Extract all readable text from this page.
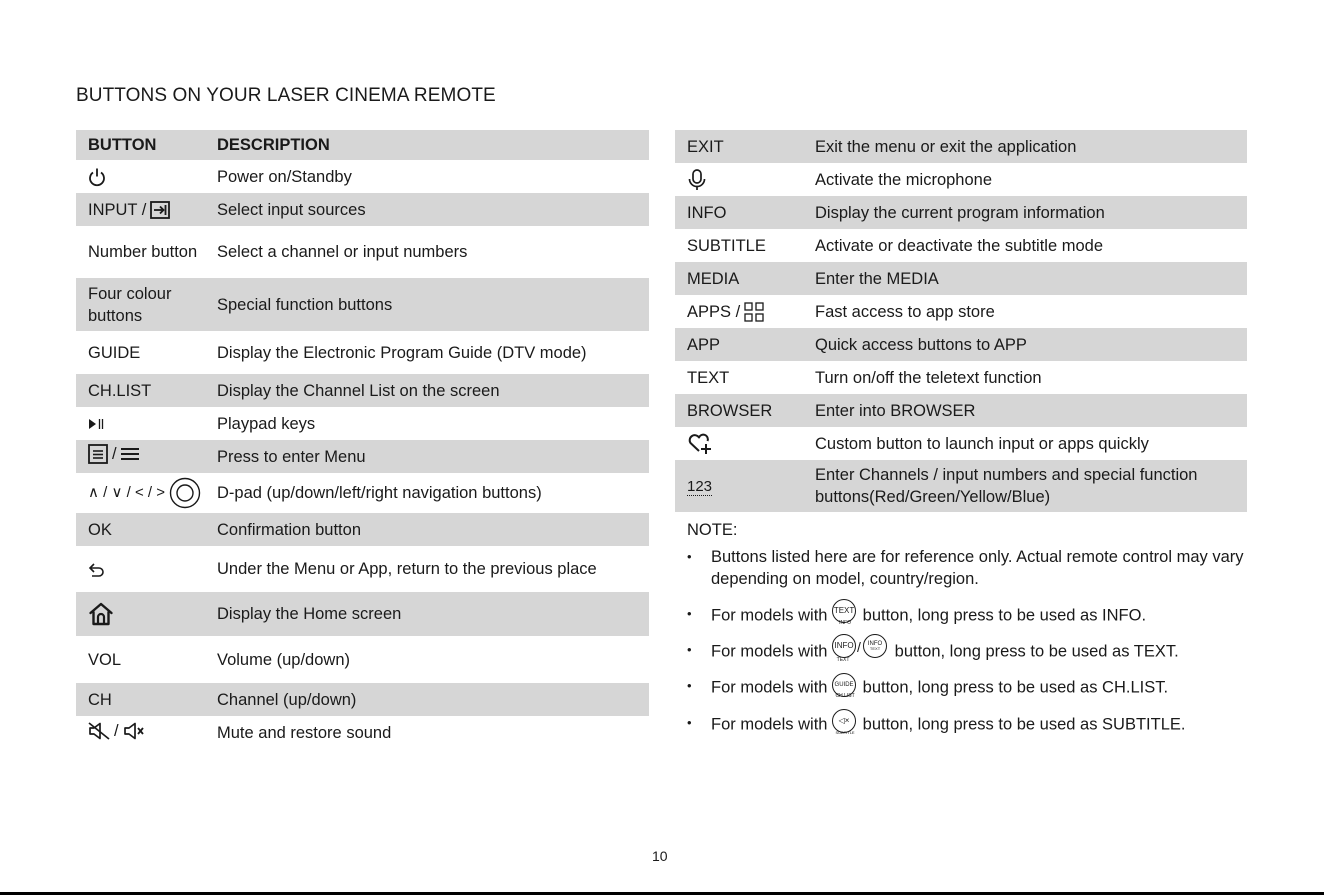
BUTTONS ON YOUR LASER CINEMA REMOTE
BUTTON	DESCRIPTION

	Power on/Standby

INPUT /	Select input sources
Number button	Select a channel or input numbers
Four colour buttons	Special function buttons
GUIDE	Display the Electronic Program Guide (DTV mode)
CH.LIST	Display the Channel List on the screen

	Playpad keys

/	Press to enter Menu

∧ / ∨ / < / >	D-pad (up/down/left/right navigation buttons)
OK	Confirmation button

	Under the Menu or App, return to the previous place

	Display the Home screen
VOL	Volume (up/down)
CH	Channel (up/down)

/	Mute and restore sound
EXIT	Exit the menu or exit the application

	Activate the microphone
INFO	Display the current program information
SUBTITLE	Activate or deactivate the subtitle mode
MEDIA	Enter the MEDIA

APPS /	Fast access to app store
APP	Quick access buttons to APP
TEXT	Turn on/off the teletext function
BROWSER	Enter into BROWSER

	Custom button to launch input or apps quickly
123	Enter Channels / input numbers and special function buttons(Red/Green/Yellow/Blue)
NOTE:
• Buttons listed here are for reference only. Actual remote control may vary depending on model, country/region.
• For models with TEXT
INFO button, long press to be used as INFO.
• For models with INFO / INFO
TEXT
TEXT	button, long press to be used as TEXT.
• For models with GUIDE
CH.LIST button, long press to be used as CH.LIST.
• For models with ◁×
SUBTITLE button, long press to be used as SUBTITLE.
10
